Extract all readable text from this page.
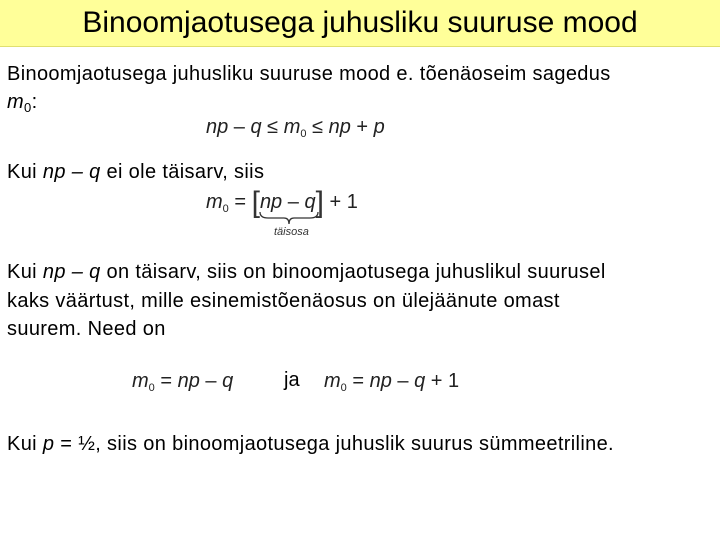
Binoomjaotusega juhusliku suuruse mood
Binoomjaotusega juhusliku suuruse mood e. tõenäoseim sagedus
$m_0$:
np – $q \le m_0$ ≤ np + p
Kui np – q ei ole täisarv, siis
$m_0 = [np - q] + 1$
täisosa
Kui np – q on täisarv, siis on binoomjaotusega juhuslikul suurusel
kaks väärtust, mille esinemistõenäosus on ülejäänute omast
suurem. Need on
$m_0$ = np – q	ja $m_0$ = np – q + 1
Kui p = ½, siis on binoomjaotusega juhuslik suurus sümmeetriline.
